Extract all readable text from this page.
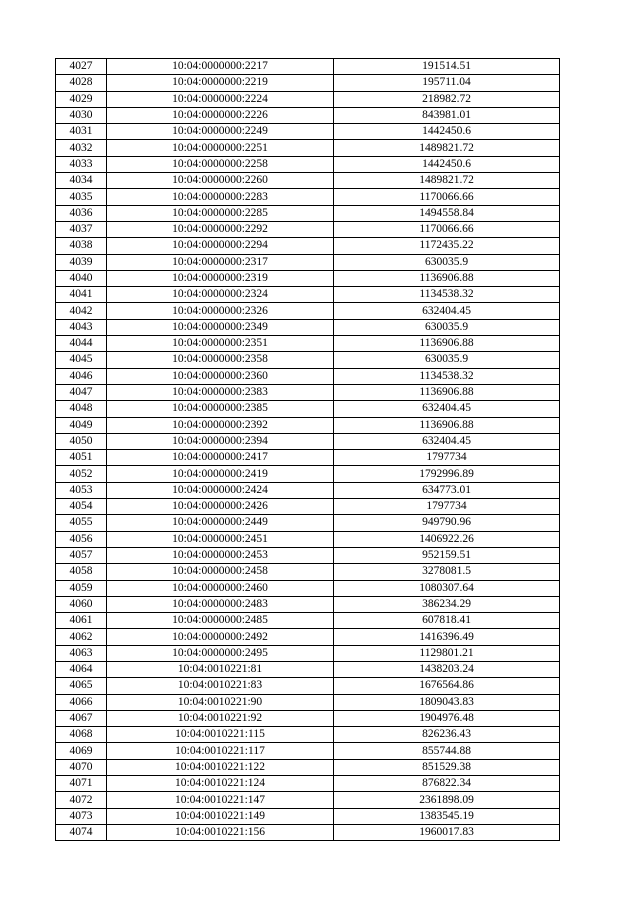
4027	10:04:0000000:2217	191514.51
4028	10:04:0000000:2219	195711.04
4029	10:04:0000000:2224	218982.72
4030	10:04:0000000:2226	843981.01
4031	10:04:0000000:2249	1442450.6
4032	10:04:0000000:2251	1489821.72
4033	10:04:0000000:2258	1442450.6
4034	10:04:0000000:2260	1489821.72
4035	10:04:0000000:2283	1170066.66
4036	10:04:0000000:2285	1494558.84
4037	10:04:0000000:2292	1170066.66
4038	10:04:0000000:2294	1172435.22
4039	10:04:0000000:2317	630035.9
4040	10:04:0000000:2319	1136906.88
4041	10:04:0000000:2324	1134538.32
4042	10:04:0000000:2326	632404.45
4043	10:04:0000000:2349	630035.9
4044	10:04:0000000:2351	1136906.88
4045	10:04:0000000:2358	630035.9
4046	10:04:0000000:2360	1134538.32
4047	10:04:0000000:2383	1136906.88
4048	10:04:0000000:2385	632404.45
4049	10:04:0000000:2392	1136906.88
4050	10:04:0000000:2394	632404.45
4051	10:04:0000000:2417	1797734
4052	10:04:0000000:2419	1792996.89
4053	10:04:0000000:2424	634773.01
4054	10:04:0000000:2426	1797734
4055	10:04:0000000:2449	949790.96
4056	10:04:0000000:2451	1406922.26
4057	10:04:0000000:2453	952159.51
4058	10:04:0000000:2458	3278081.5
4059	10:04:0000000:2460	1080307.64
4060	10:04:0000000:2483	386234.29
4061	10:04:0000000:2485	607818.41
4062	10:04:0000000:2492	1416396.49
4063	10:04:0000000:2495	1129801.21
4064	10:04:0010221:81	1438203.24
4065	10:04:0010221:83	1676564.86
4066	10:04:0010221:90	1809043.83
4067	10:04:0010221:92	1904976.48
4068	10:04:0010221:115	826236.43
4069	10:04:0010221:117	855744.88
4070	10:04:0010221:122	851529.38
4071	10:04:0010221:124	876822.34
4072	10:04:0010221:147	2361898.09
4073	10:04:0010221:149	1383545.19
4074	10:04:0010221:156	1960017.83
